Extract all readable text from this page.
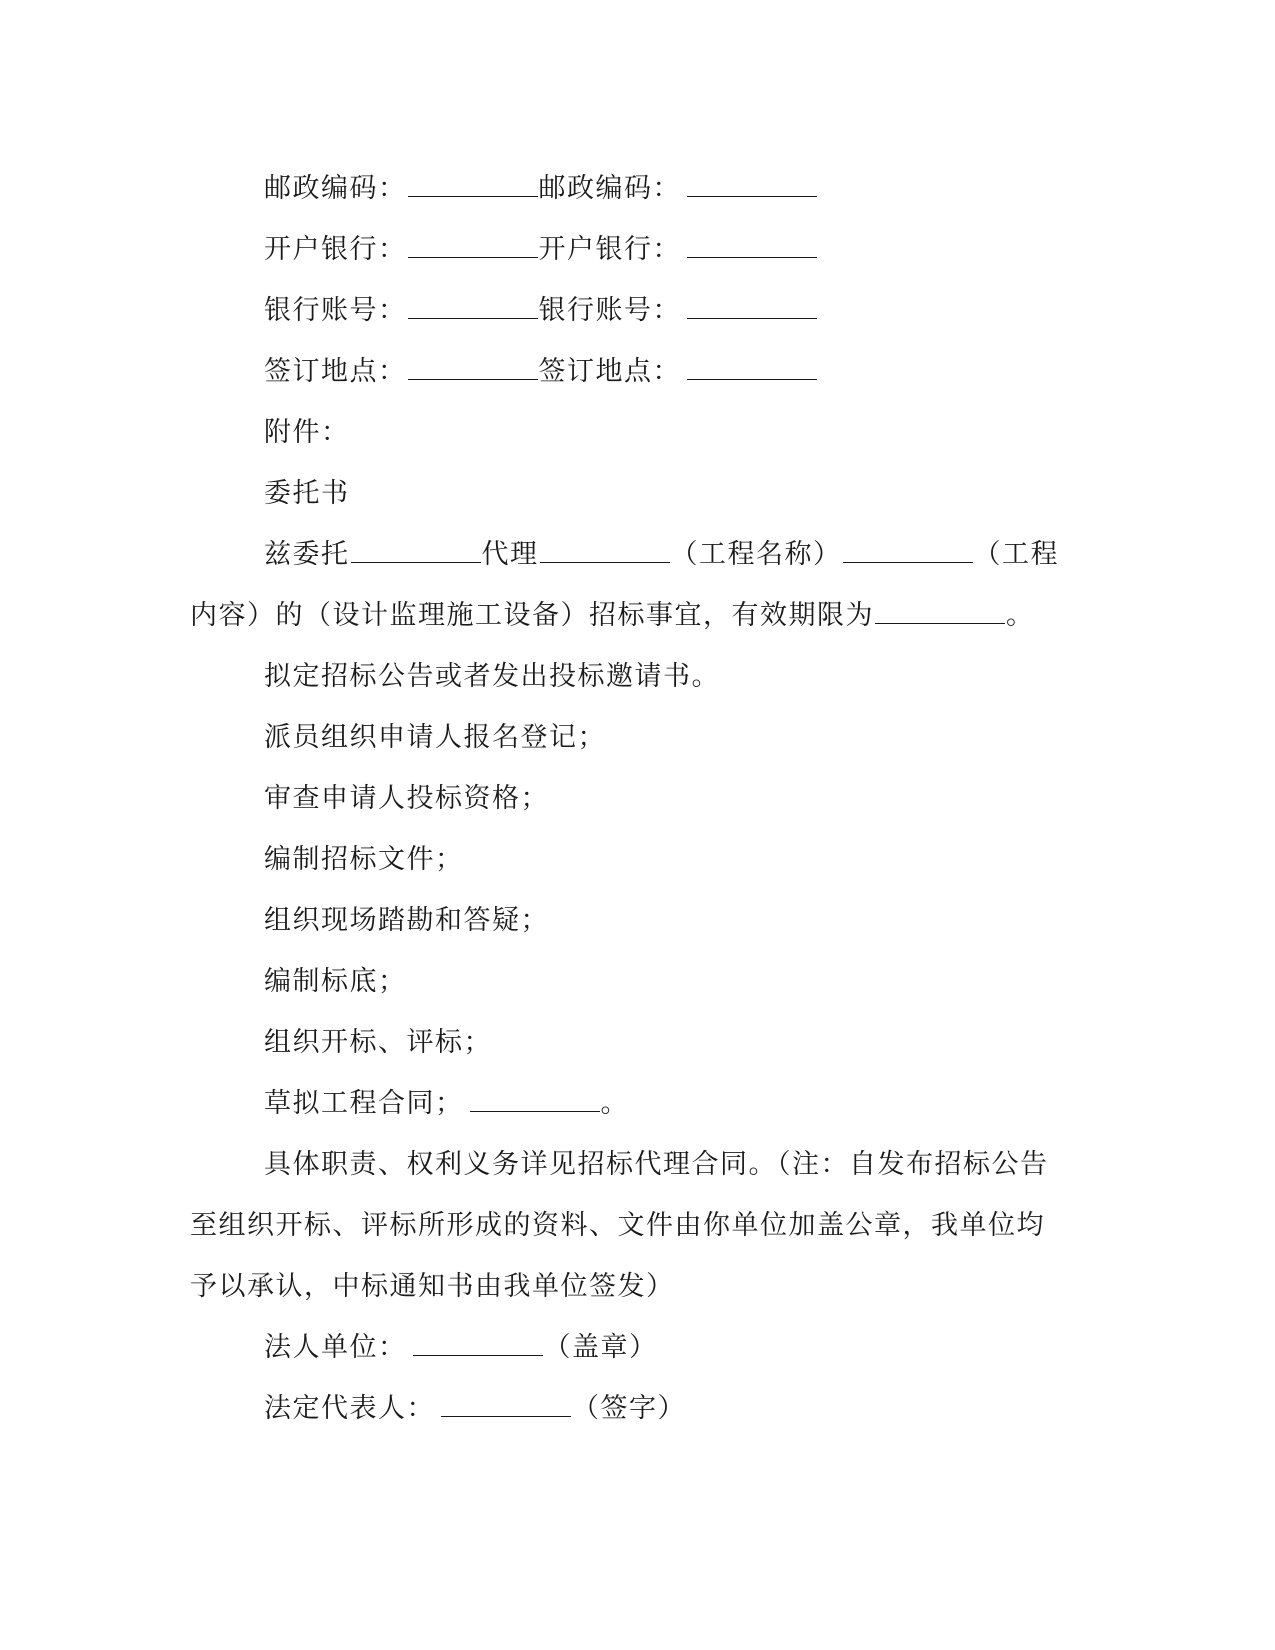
邮政编码：	邮政编码：
开户银行：	开户银行：
银行账号：	银行账号：
签订地点：	签订地点：
附件：
委托书
兹委托	代理	（工程名称）	（工程
内容）的（设计监理施工设备）招标事宜，有效期限为	。
拟定招标公告或者发出投标邀请书。
派员组织申请人报名登记；
审查申请人投标资格；
编制招标文件；
组织现场踏勘和答疑；
编制标底；
组织开标、评标；
草拟工程合同；	。
具体职责、权利义务详见招标代理合同。（注：自发布招标公告
至组织开标、评标所形成的资料、文件由你单位加盖公章，我单位均
予以承认，中标通知书由我单位签发）
法人单位：	（盖章）
法定代表人：	（签字）
